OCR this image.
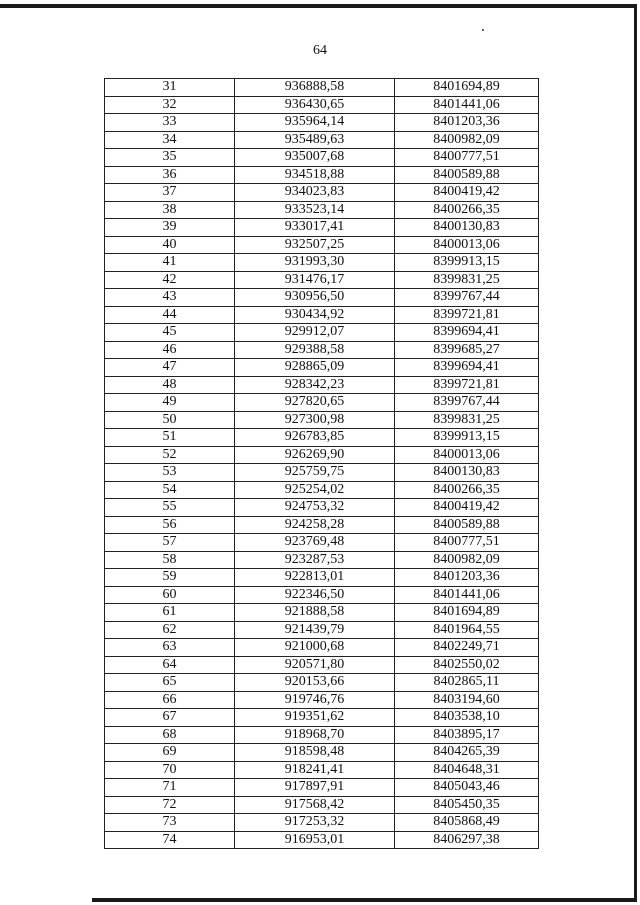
64
31	936888,58	8401694,89
32	936430,65	8401441,06
33	935964,14	8401203,36
34	935489,63	8400982,09
35	935007,68	8400777,51
36	934518,88	8400589,88
37	934023,83	8400419,42
38	933523,14	8400266,35
39	933017,41	8400130,83
40	932507,25	8400013,06
41	931993,30	8399913,15
42	931476,17	8399831,25
43	930956,50	8399767,44
44	930434,92	8399721,81
45	929912,07	8399694,41
46	929388,58	8399685,27
47	928865,09	8399694,41
48	928342,23	8399721,81
49	927820,65	8399767,44
50	927300,98	8399831,25
51	926783,85	8399913,15
52	926269,90	8400013,06
53	925759,75	8400130,83
54	925254,02	8400266,35
55	924753,32	8400419,42
56	924258,28	8400589,88
57	923769,48	8400777,51
58	923287,53	8400982,09
59	922813,01	8401203,36
60	922346,50	8401441,06
61	921888,58	8401694,89
62	921439,79	8401964,55
63	921000,68	8402249,71
64	920571,80	8402550,02
65	920153,66	8402865,11
66	919746,76	8403194,60
67	919351,62	8403538,10
68	918968,70	8403895,17
69	918598,48	8404265,39
70	918241,41	8404648,31
71	917897,91	8405043,46
72	917568,42	8405450,35
73	917253,32	8405868,49
74	916953,01	8406297,38
